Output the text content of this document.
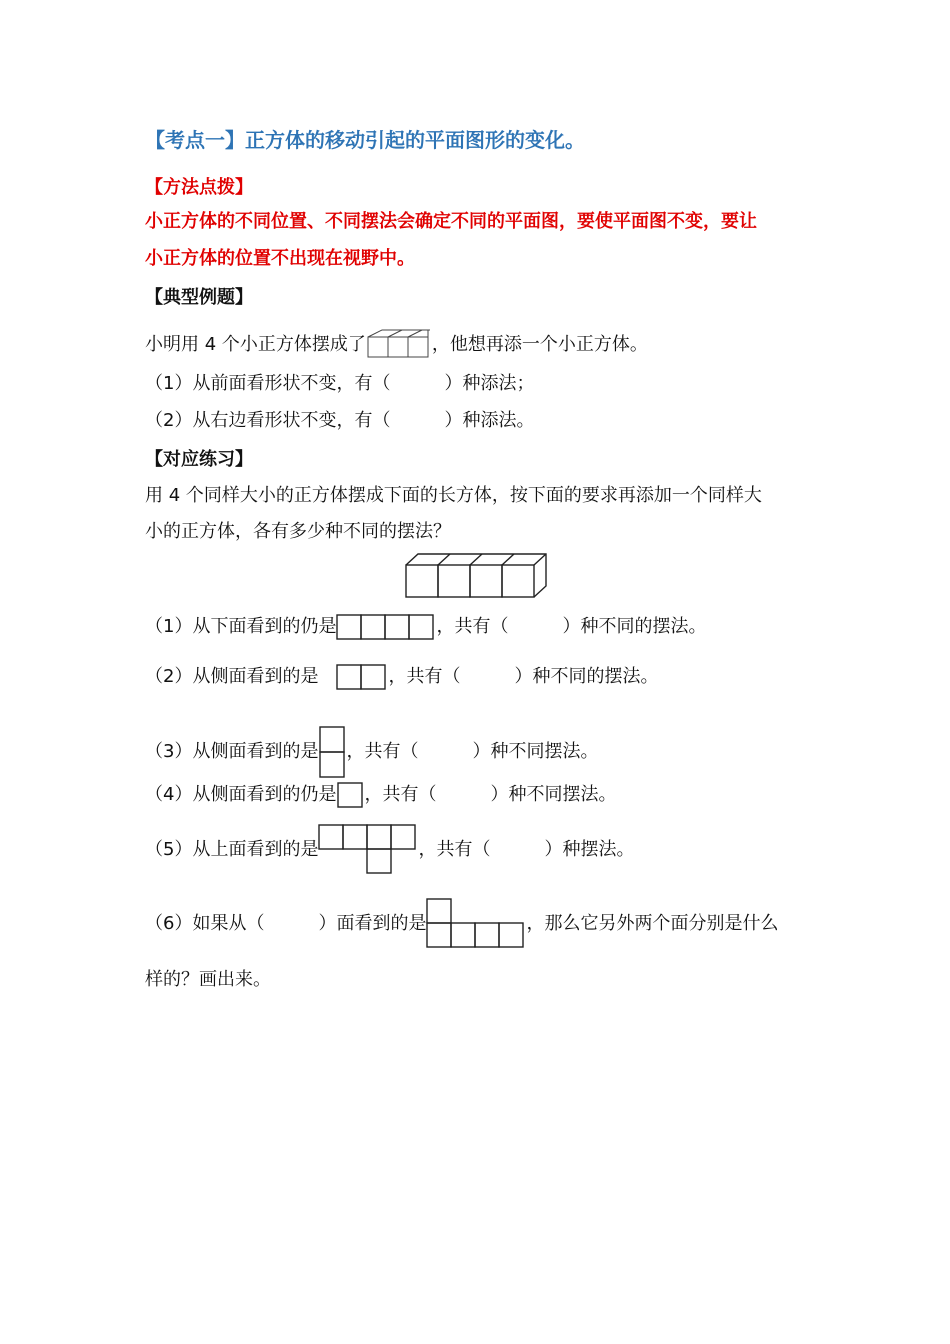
【考点一】正方体的移动引起的平面图形的变化。
【方法点拨】
小正方体的不同位置、不同摆法会确定不同的平面图，要使平面图不变，要让
小正方体的位置不出现在视野中。
【典型例题】
小明用 4 个小正方体摆成了	，他想再添一个小正方体。
（1）从前面看形状不变，有（　　　）种添法；
（2）从右边看形状不变，有（　　　）种添法。
【对应练习】
用 4 个同样大小的正方体摆成下面的长方体，按下面的要求再添加一个同样大
小的正方体，各有多少种不同的摆法？
（1）从下面看到的仍是	，共有（　　　）种不同的摆法。
（2）从侧面看到的是　	，共有（　　　）种不同的摆法。
（3）从侧面看到的是 ，共有（　　　）种不同摆法。
（4）从侧面看到的仍是 ，共有（　　　）种不同摆法。
（5）从上面看到的是	，共有（　　　）种摆法。
（6）如果从（　　　）面看到的是	，那么它另外两个面分别是什么
样的？画出来。
